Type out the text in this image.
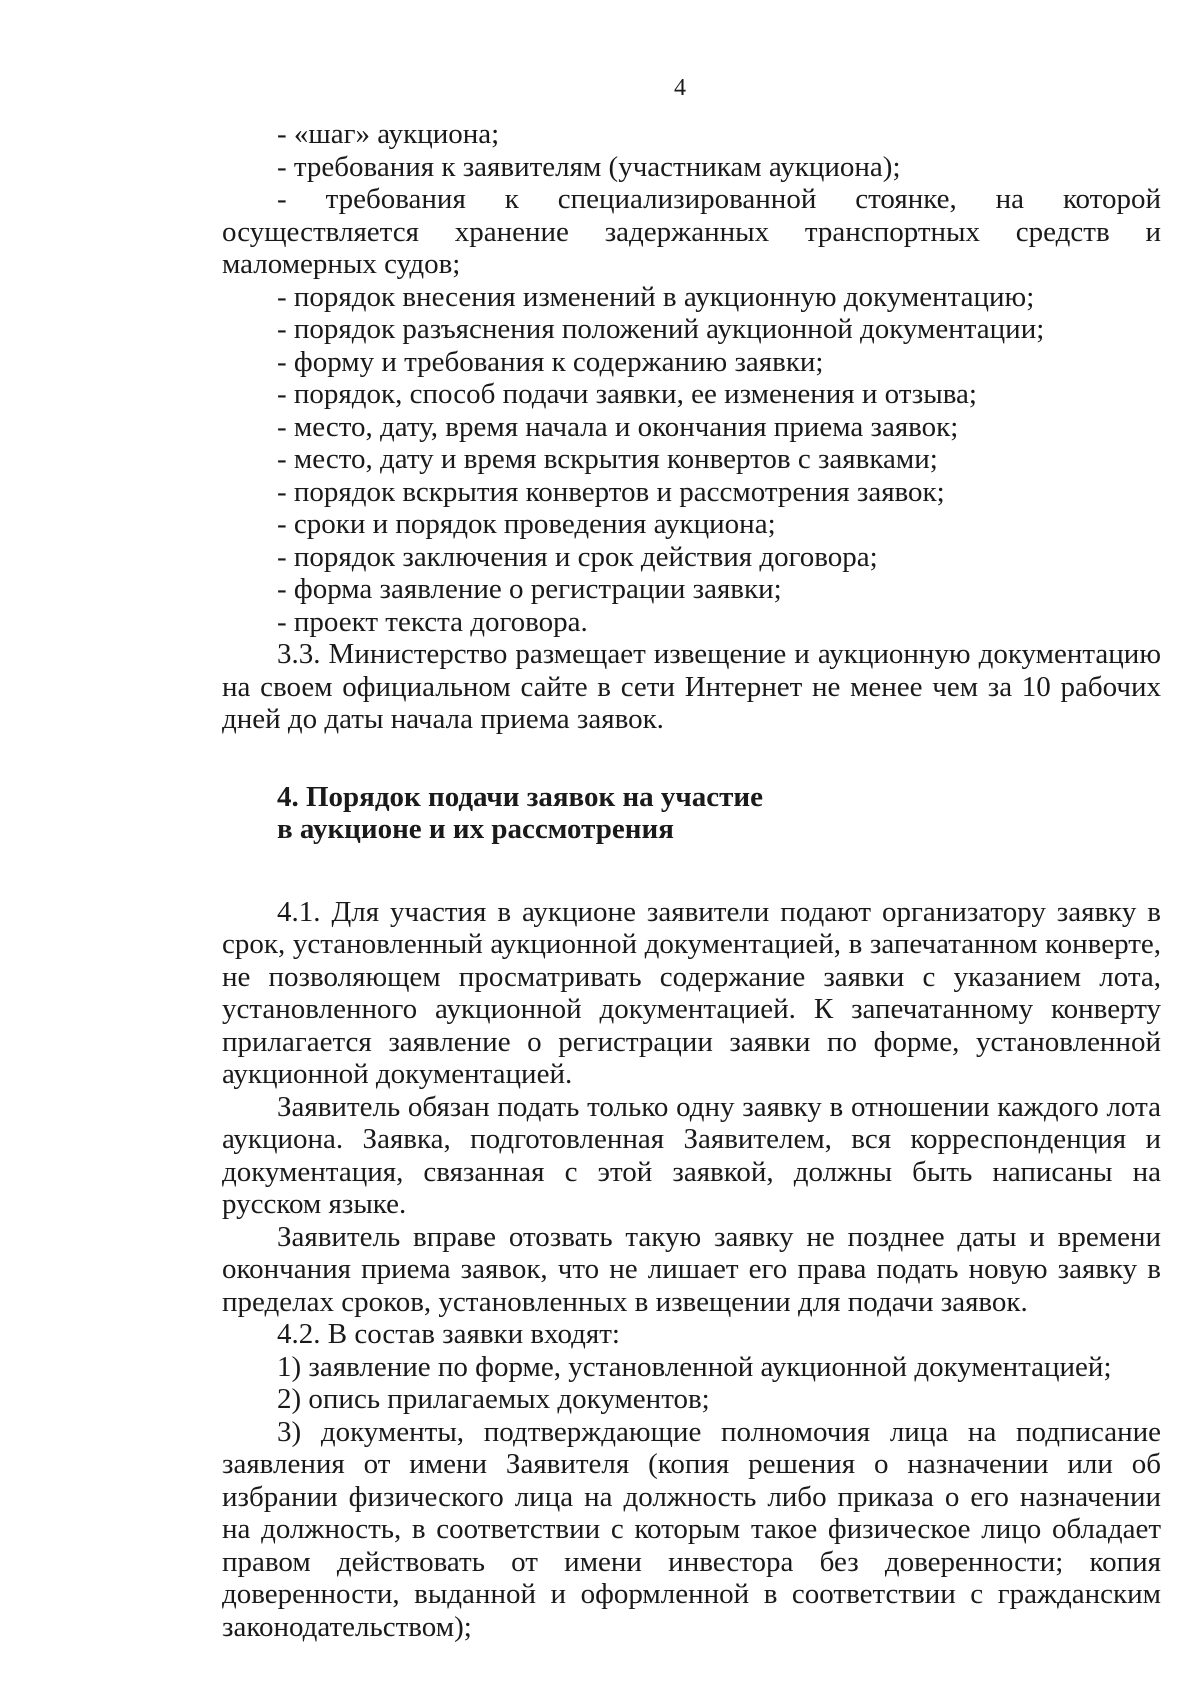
4

- «шаг» аукциона;

- требования к заявителям (участникам аукциона);

- требования к специализированной стоянке, на которой осуществляется хранение задержанных транспортных средств и маломерных судов;

- порядок внесения изменений в аукционную документацию;

- порядок разъяснения положений аукционной документации;

- форму и требования к содержанию заявки;

- порядок, способ подачи заявки, ее изменения и отзыва;

- место, дату, время начала и окончания приема заявок;

- место, дату и время вскрытия конвертов с заявками;

- порядок вскрытия конвертов и рассмотрения заявок;

- сроки и порядок проведения аукциона;

- порядок заключения и срок действия договора;

- форма заявление о регистрации заявки;

- проект текста договора.

3.3. Министерство размещает извещение и аукционную документацию на своем официальном сайте в сети Интернет не менее чем за 10 рабочих дней до даты начала приема заявок.

4. Порядок подачи заявок на участие

в аукционе и их рассмотрения

4.1. Для участия в аукционе заявители подают организатору заявку в срок, установленный аукционной документацией, в запечатанном конверте, не позволяющем просматривать содержание заявки с указанием лота, установленного аукционной документацией. К запечатанному конверту прилагается заявление о регистрации заявки по форме, установленной аукционной документацией.

Заявитель обязан подать только одну заявку в отношении каждого лота аукциона. Заявка, подготовленная Заявителем, вся корреспонденция и документация, связанная с этой заявкой, должны быть написаны на русском языке.

Заявитель вправе отозвать такую заявку не позднее даты и времени окончания приема заявок, что не лишает его права подать новую заявку в пределах сроков, установленных в извещении для подачи заявок.

4.2. В состав заявки входят:

1) заявление по форме, установленной аукционной документацией;

2) опись прилагаемых документов;

3) документы, подтверждающие полномочия лица на подписание заявления от имени Заявителя (копия решения о назначении или об избрании физического лица на должность либо приказа о его назначении на должность, в соответствии с которым такое физическое лицо обладает правом действовать от имени инвестора без доверенности; копия доверенности, выданной и оформленной в соответствии с гражданским законодательством);
